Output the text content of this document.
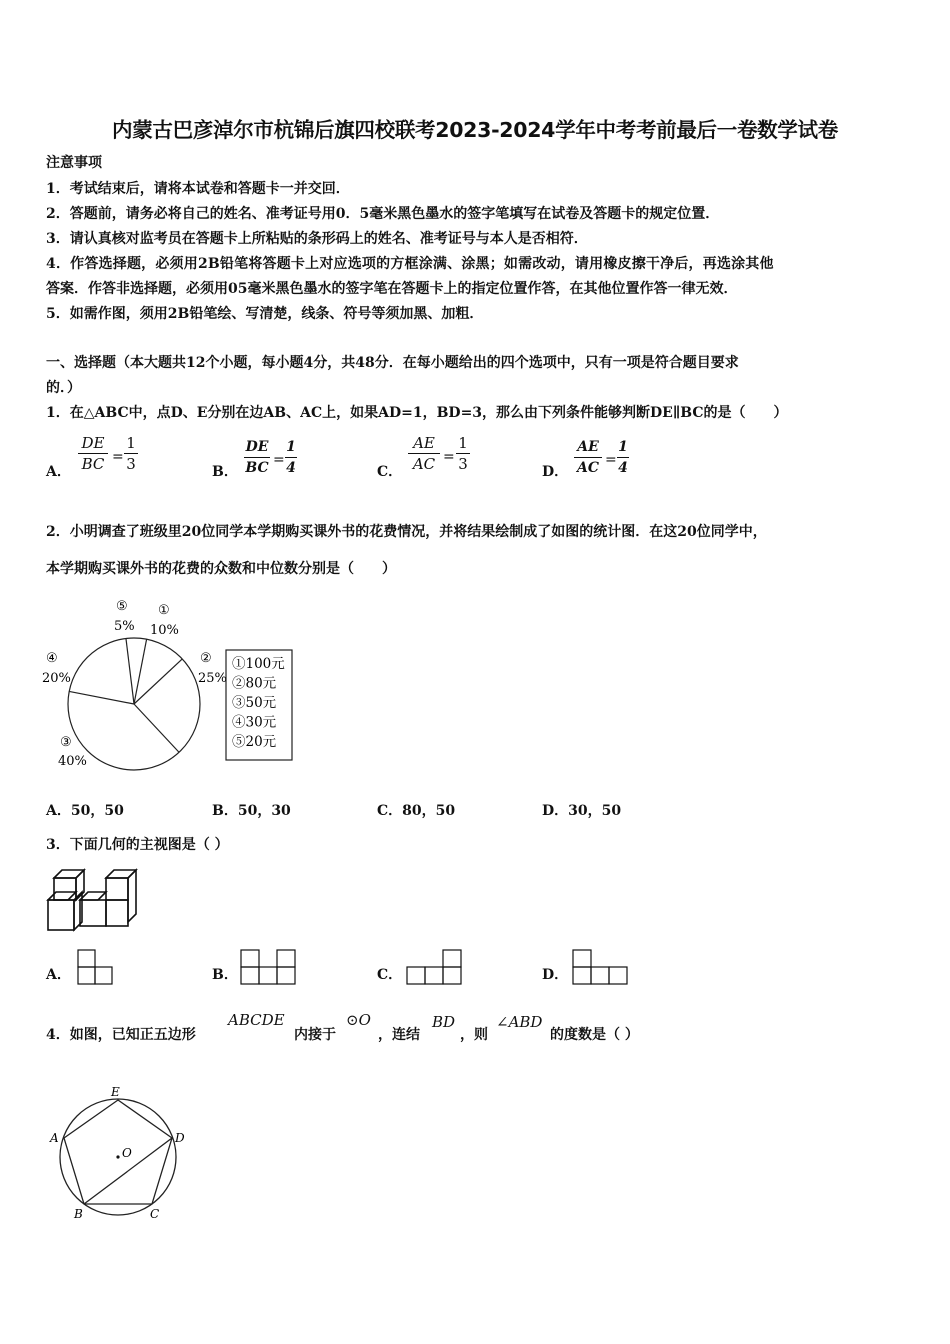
内蒙古巴彦淖尔市杭锦后旗四校联考2023-2024学年中考考前最后一卷数学试卷
注意事项
1．考试结束后，请将本试卷和答题卡一并交回．
2．答题前，请务必将自己的姓名、准考证号用0．5毫米黑色墨水的签字笔填写在试卷及答题卡的规定位置．
3．请认真核对监考员在答题卡上所粘贴的条形码上的姓名、准考证号与本人是否相符．
4．作答选择题，必须用2B铅笔将答题卡上对应选项的方框涂满、涂黑；如需改动，请用橡皮擦干净后，再选涂其他
答案．作答非选择题，必须用05毫米黑色墨水的签字笔在答题卡上的指定位置作答，在其他位置作答一律无效．
5．如需作图，须用2B铅笔绘、写清楚，线条、符号等须加黑、加粗．
一、选择题（本大题共12个小题，每小题4分，共48分．在每小题给出的四个选项中，只有一项是符合题目要求
的．）
1．在△ABC中，点D、E分别在边AB、AC上，如果AD=1，BD=3，那么由下列条件能够判断DE∥BC的是（　　）
A．
DE
BC =
1
3	B．
DE
BC =
1
4	C．
AE
AC =
1
3	D．
AE
AC =
1
4
2．小明调查了班级里20位同学本学期购买课外书的花费情况，并将结果绘制成了如图的统计图．在这20位同学中，
本学期购买课外书的花费的众数和中位数分别是（　　）
①
10%
②
25%
③
40%
④
20%
⑤
5%
①100元
②80元
③50元
④30元
⑤20元
A．50，50	B．50，30	C．80，50	D．30，50
3．下面几何的主视图是（ ）
A．	B．	C．	D．
4．如图，已知正五边形
ABCDE
内接于
⊙O
，连结
BD
，则
∠ABD
的度数是（ ）
O
E
D
A
B	C
